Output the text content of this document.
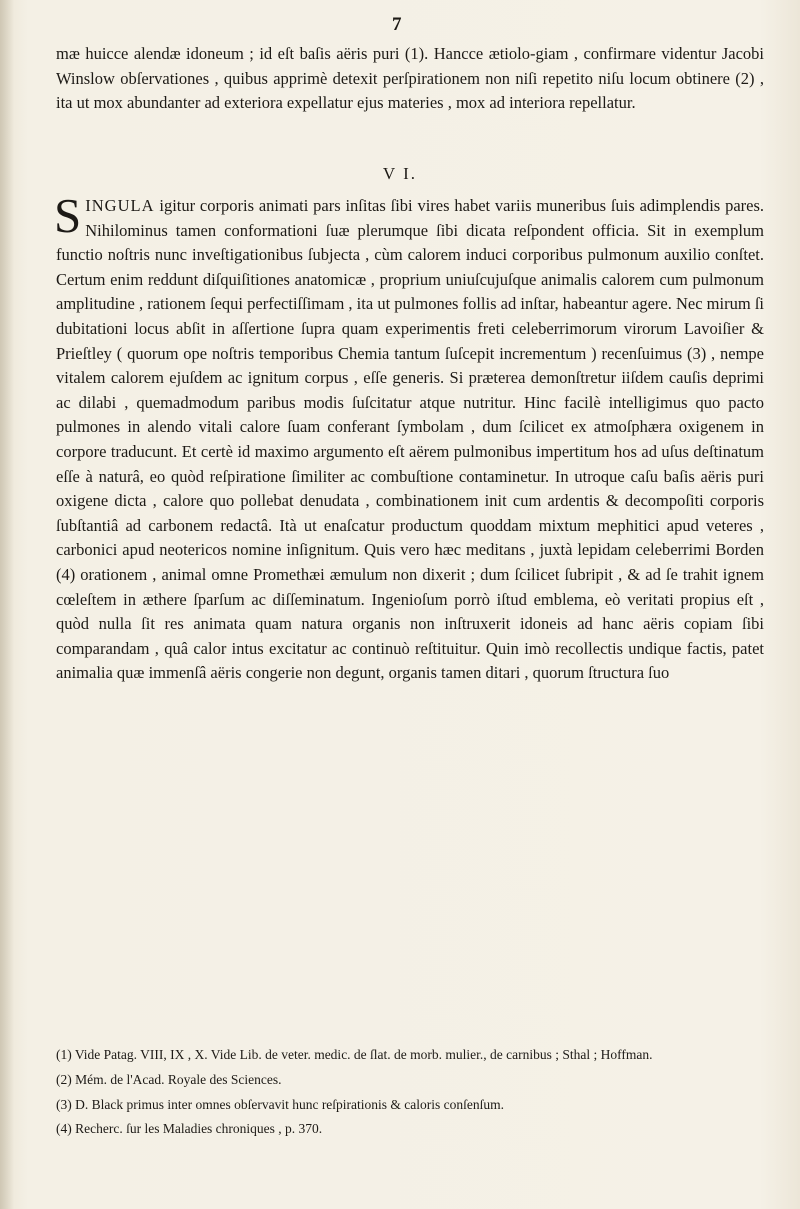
7

mæ huicce alendæ idoneum ; id eſt baſis aëris puri (1). Hancce ætiolo-giam , confirmare videntur Jacobi Winslow obſervationes , quibus apprimè detexit perſpirationem non niſi repetito niſu locum obtinere (2) , ita ut mox abundanter ad exteriora expellatur ejus materies , mox ad interiora repellatur.

V I.

SINGULA igitur corporis animati pars inſitas ſibi vires habet variis muneribus ſuis adimplendis pares. Nihilominus tamen conformationi ſuæ plerumque ſibi dicata reſpondent officia. Sit in exemplum functio noſtris nunc inveſtigationibus ſubjecta , cùm calorem induci corporibus pulmonum auxilio conſtet. Certum enim reddunt diſquiſitiones anatomicæ , proprium uniuſcujuſque animalis calorem cum pulmonum amplitudine , rationem ſequi perfectiſſimam , ita ut pulmones follis ad inſtar, habeantur agere. Nec mirum ſi dubitationi locus abſit in aſſertione ſupra quam experimentis freti celeberrimorum virorum Lavoiſier & Prieſtley ( quorum ope noſtris temporibus Chemia tantum ſuſcepit incrementum ) recenſuimus (3) , nempe vitalem calorem ejuſdem ac ignitum corpus , eſſe generis. Si præterea demonſtretur iiſdem cauſis deprimi ac dilabi , quemadmodum paribus modis ſuſcitatur atque nutritur. Hinc facilè intelligimus quo pacto pulmones in alendo vitali calore ſuam conferant ſymbolam , dum ſcilicet ex atmoſphæra oxigenem in corpore traducunt. Et certè id maximo argumento eſt aërem pulmonibus impertitum hos ad uſus deſtinatum eſſe à naturâ, eo quòd reſpiratione ſimiliter ac combuſtione contaminetur. In utroque caſu baſis aëris puri oxigene dicta , calore quo pollebat denudata , combinationem init cum ardentis & decompoſiti corporis ſubſtantiâ ad carbonem redactâ. Ità ut enaſcatur productum quoddam mixtum mephitici apud veteres , carbonici apud neotericos nomine inſignitum. Quis vero hæc meditans , juxtà lepidam celeberrimi Borden (4) orationem , animal omne Promethæi æmulum non dixerit ; dum ſcilicet ſubripit , & ad ſe trahit ignem cœleſtem in æthere ſparſum ac diſſeminatum. Ingenioſum porrò iſtud emblema, eò veritati propius eſt , quòd nulla ſit res animata quam natura organis non inſtruxerit idoneis ad hanc aëris copiam ſibi comparandam , quâ calor intus excitatur ac continuò reſtituitur. Quin imò recollectis undique factis, patet animalia quæ immenſâ aëris congerie non degunt, organis tamen ditari , quorum ſtructura ſuo

(1) Vide Patag. VIII, IX , X. Vide Lib. de veter. medic. de ſlat. de morb. mulier., de carnibus ; Sthal ; Hoffman.
(2) Mém. de l'Acad. Royale des Sciences.
(3) D. Black primus inter omnes obſervavit hunc reſpirationis & caloris conſenſum.
(4) Recherc. ſur les Maladies chroniques , p. 370.
